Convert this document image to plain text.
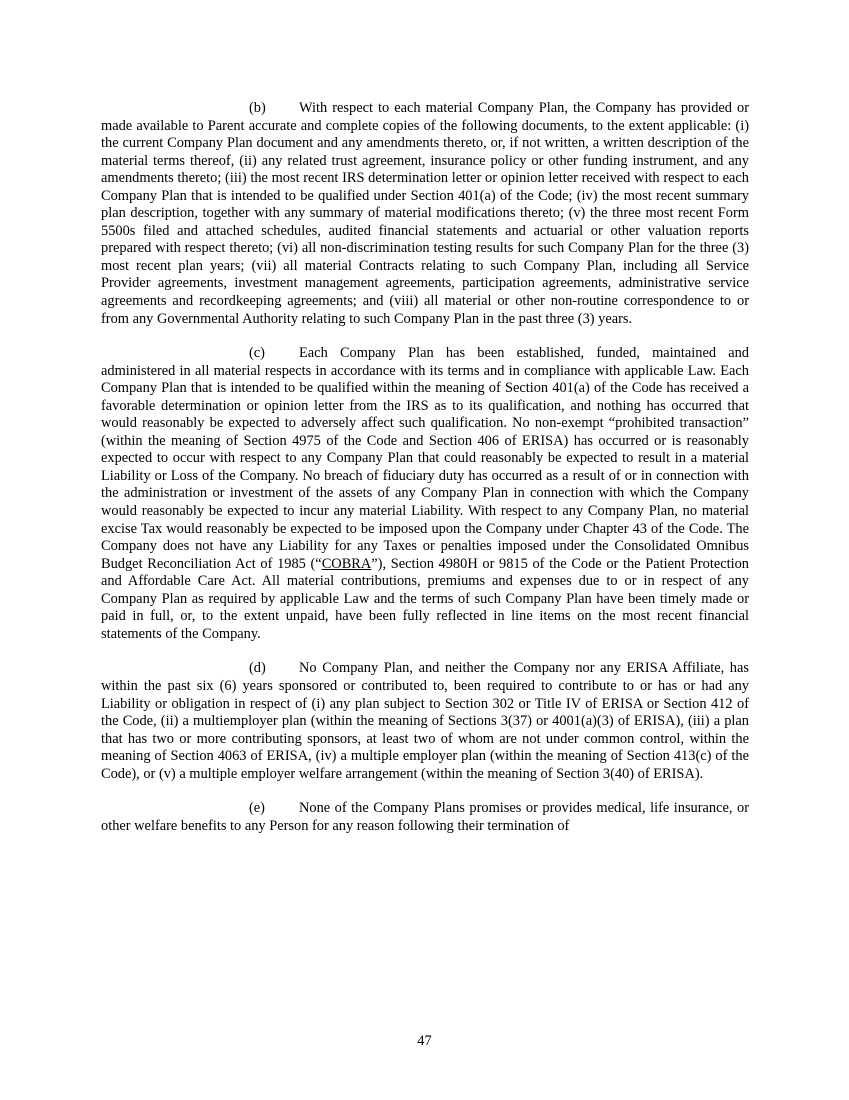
(b) With respect to each material Company Plan, the Company has provided or made available to Parent accurate and complete copies of the following documents, to the extent applicable: (i) the current Company Plan document and any amendments thereto, or, if not written, a written description of the material terms thereof, (ii) any related trust agreement, insurance policy or other funding instrument, and any amendments thereto; (iii) the most recent IRS determination letter or opinion letter received with respect to each Company Plan that is intended to be qualified under Section 401(a) of the Code; (iv) the most recent summary plan description, together with any summary of material modifications thereto; (v) the three most recent Form 5500s filed and attached schedules, audited financial statements and actuarial or other valuation reports prepared with respect thereto; (vi) all non-discrimination testing results for such Company Plan for the three (3) most recent plan years; (vii) all material Contracts relating to such Company Plan, including all Service Provider agreements, investment management agreements, participation agreements, administrative service agreements and recordkeeping agreements; and (viii) all material or other non-routine correspondence to or from any Governmental Authority relating to such Company Plan in the past three (3) years.

(c) Each Company Plan has been established, funded, maintained and administered in all material respects in accordance with its terms and in compliance with applicable Law. Each Company Plan that is intended to be qualified within the meaning of Section 401(a) of the Code has received a favorable determination or opinion letter from the IRS as to its qualification, and nothing has occurred that would reasonably be expected to adversely affect such qualification. No non-exempt “prohibited transaction” (within the meaning of Section 4975 of the Code and Section 406 of ERISA) has occurred or is reasonably expected to occur with respect to any Company Plan that could reasonably be expected to result in a material Liability or Loss of the Company. No breach of fiduciary duty has occurred as a result of or in connection with the administration or investment of the assets of any Company Plan in connection with which the Company would reasonably be expected to incur any material Liability. With respect to any Company Plan, no material excise Tax would reasonably be expected to be imposed upon the Company under Chapter 43 of the Code. The Company does not have any Liability for any Taxes or penalties imposed under the Consolidated Omnibus Budget Reconciliation Act of 1985 (“COBRA”), Section 4980H or 9815 of the Code or the Patient Protection and Affordable Care Act. All material contributions, premiums and expenses due to or in respect of any Company Plan as required by applicable Law and the terms of such Company Plan have been timely made or paid in full, or, to the extent unpaid, have been fully reflected in line items on the most recent financial statements of the Company.

(d) No Company Plan, and neither the Company nor any ERISA Affiliate, has within the past six (6) years sponsored or contributed to, been required to contribute to or has or had any Liability or obligation in respect of (i) any plan subject to Section 302 or Title IV of ERISA or Section 412 of the Code, (ii) a multiemployer plan (within the meaning of Sections 3(37) or 4001(a)(3) of ERISA), (iii) a plan that has two or more contributing sponsors, at least two of whom are not under common control, within the meaning of Section 4063 of ERISA, (iv) a multiple employer plan (within the meaning of Section 413(c) of the Code), or (v) a multiple employer welfare arrangement (within the meaning of Section 3(40) of ERISA).

(e) None of the Company Plans promises or provides medical, life insurance, or other welfare benefits to any Person for any reason following their termination of

47
